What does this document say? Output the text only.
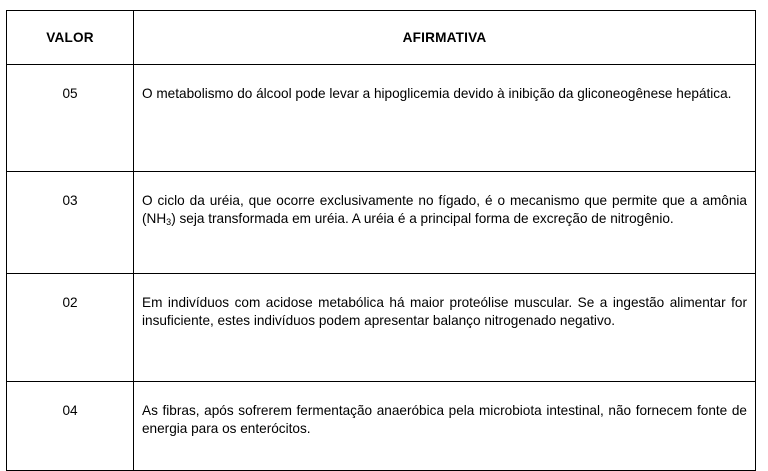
VALOR	AFIRMATIVA
05	O metabolismo do álcool pode levar a hipoglicemia devido à inibição da gliconeogênese hepática.
03	O ciclo da uréia, que ocorre exclusivamente no fígado, é o mecanismo que permite que a amônia $(NH_3)$ seja transformada em uréia. A uréia é a principal forma de excreção de nitrogênio.
02	Em indivíduos com acidose metabólica há maior proteólise muscular. Se a ingestão alimentar for insuficiente, estes indivíduos podem apresentar balanço nitrogenado negativo.
04	As fibras, após sofrerem fermentação anaeróbica pela microbiota intestinal, não fornecem fonte de energia para os enterócitos.
